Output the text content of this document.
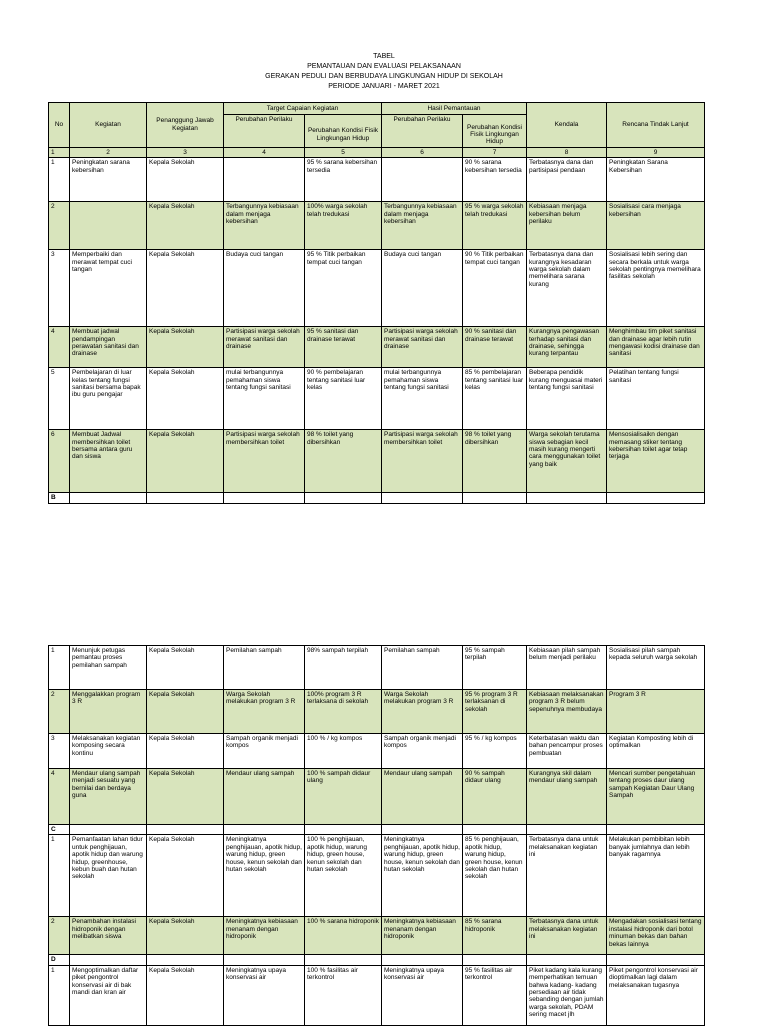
TABEL
PEMANTAUAN DAN EVALUASI PELAKSANAAN
GERAKAN PEDULI DAN BERBUDAYA LINGKUNGAN HIDUP DI SEKOLAH
PERIODE JANUARI - MARET 2021
No	Kegiatan	Penanggung Jawab Kegiatan	Target Capaian Kegiatan		Hasil Pemantauan		Kendala	Rencana Tindak Lanjut
			Perubahan Perilaku		Perubahan Perilaku			
				Perubahan Kondisi Fisik Lingkungan Hidup		Perubahan Kondisi Fisik Lingkungan Hidup		
1	2	3	4	5	6	7	8	9
1	Peningkatan sarana kebersihan	Kepala Sekolah		95 % sarana kebersihan tersedia		90 % sarana kebersihan tersedia	Terbatasnya dana dan partisipasi pendaan	Peningkatan Sarana Kebersihan
2		Kepala Sekolah	Terbangunnya kebiasaan dalam menjaga kebersihan	100% warga sekolah telah tredukasi	Terbangunnya kebiasaan dalam menjaga kebersihan	95 % warga sekolah telah tredukasi	Kebiasaan menjaga kebersihan belum perilaku	Sosialisasi cara menjaga kebersihan
3	Memperbaiki dan merawat tempat cuci tangan	Kepala Sekolah	Budaya cuci tangan	95 % Titik perbaikan tempat cuci tangan	Budaya cuci tangan	90 % Titik perbaikan tempat cuci tangan	Terbatasnya dana dan kurangnya kesadaran warga sekolah dalam memelihara sarana kurang	Sosialisasi lebih sering dan secara berkala untuk warga sekolah pentingnya memelihara fasilitas sekolah
4	Membuat jadwal pendampingan perawatan sanitasi dan drainase	Kepala Sekolah	Partisipasi warga sekolah merawat sanitasi dan drainase	95 % sanitasi dan drainase terawat	Partisipasi warga sekolah merawat sanitasi dan drainase	90 % sanitasi dan drainase terawat	Kurangnya pengawasan terhadap sanitasi dan drainase, sehingga kurang terpantau	Menghimbau tim piket sanitasi dan drainase agar lebih rutin mengawasi kodisi drainase dan sanitasi
5	Pembelajaran di luar kelas tentang fungsi sanitasi bersama bapak ibu guru pengajar	Kepala Sekolah	mulai terbangunnya pemahaman siswa tentang fungsi sanitasi	90 % pembelajaran tentang sanitasi luar kelas	mulai terbangunnya pemahaman siswa tentang fungsi sanitasi	85 % pembelajaran tentang sanitasi luar kelas	Beberapa pendidik kurang menguasai materi tentang fungsi sanitasi	Pelatihan tentang fungsi sanitasi
6	Membuat Jadwal membersihkan toilet bersama antara guru dan siswa	Kepala Sekolah	Partisipasi warga sekolah membersihkan toilet	98 % toilet yang dibersihkan	Partisipasi warga sekolah membersihkan toilet	98 % toilet yang dibersihkan	Warga sekolah terutama siswa sebagian kecil masih kurang mengerti cara menggunakan toilet yang baik	Mensosialisaikn dengan memasang stiker tentang kebersihan toilet agar tetap terjaga
B								
1	Menunjuk petugas pemantau proses pemilahan sampah	Kepala Sekolah	Pemilahan sampah	98% sampah terpilah	Pemilahan sampah	95 % sampah terpilah	Kebiasaan pilah sampah belum menjadi perilaku	Sosialisasi pilah sampah kepada seluruh warga sekolah
2	Menggalakkan program 3 R	Kepala Sekolah	Warga Sekolah melakukan program 3 R	100% program 3 R terlaksana di sekolah	Warga Sekolah melakukan program 3 R	95 % program 3 R terlaksanan di sekolah	Kebiasaan melaksanakan program 3 R belum sepenuhnya membudaya	Program 3 R
3	Melaksanakan kegiatan komposing secara kontinu	Kepala Sekolah	Sampah organik menjadi kompos	100 % / kg kompos	Sampah organik menjadi kompos	95 % / kg kompos	Keterbatasan waktu dan bahan pencampur proses pembuatan	Kegiatan Komposting lebih di optimalkan
4	Mendaur ulang sampah menjadi sesuatu yang bernilai dan berdaya guna	Kepala Sekolah	Mendaur ulang sampah	100 % sampah didaur ulang	Mendaur ulang sampah	90 % sampah didaur ulang	Kurangnya skil dalam mendaur ulang sampah	Mencari sumber pengetahuan tentang proses daur ulang sampah Kegiatan Daur Ulang Sampah
C								
1	Pemanfaatan lahan tidur untuk penghijauan, apotik hidup dan warung hidup, greenhouse, kebun buah dan hutan sekolah	Kepala Sekolah	Meningkatnya penghijauan, apotik hidup, warung hidup, green house, kenun sekolah dan hutan sekolah	100 % penghijauan, apotik hidup, warung hidup, green house, kenun sekolah dan hutan sekolah	Meningkatnya penghijauan, apotik hidup, warung hidup, green house, kenun sekolah dan hutan sekolah	85 % penghijauan, apotik hidup, warung hidup, green house, kenun sekolah dan hutan sekolah	Terbatasnya dana untuk melaksanakan kegiatan ini	Melakukan pembibitan lebih banyak jumlahnya dan lebih banyak ragamnya
2	Penambahan instalasi hidroponik dengan melibatkan siswa	Kepala Sekolah	Meningkatnya kebiasaan menanam dengan hidroponik	100 % sarana hidroponik	Meningkatnya kebiasaan menanam dengan hidroponik	85 % sarana hidroponik	Terbatasnya dana untuk melaksanakan kegiatan ini	Mengadakan sosialisasi tentang instalasi hidroponik dari botol minuman bekas dan bahan bekas lainnya
D								
1	Mengoptimalkan daftar piket pengontrol konservasi air di bak mandi dan kran air	Kepala Sekolah	Meningkatnya upaya konservasi air	100 % fasilitas air terkontrol	Meningkatnya upaya konservasi air	95 % fasilitas air terkontrol	Piket kadang kala kurang memperhatikan temuan bahwa kadang- kadang persediaan air tidak sebanding dengan jumlah warga sekolah, PDAM sering macet jlh	Piket pengontrol konservasi air dioptimalkan lagi dalam melaksanakan tugasnya
